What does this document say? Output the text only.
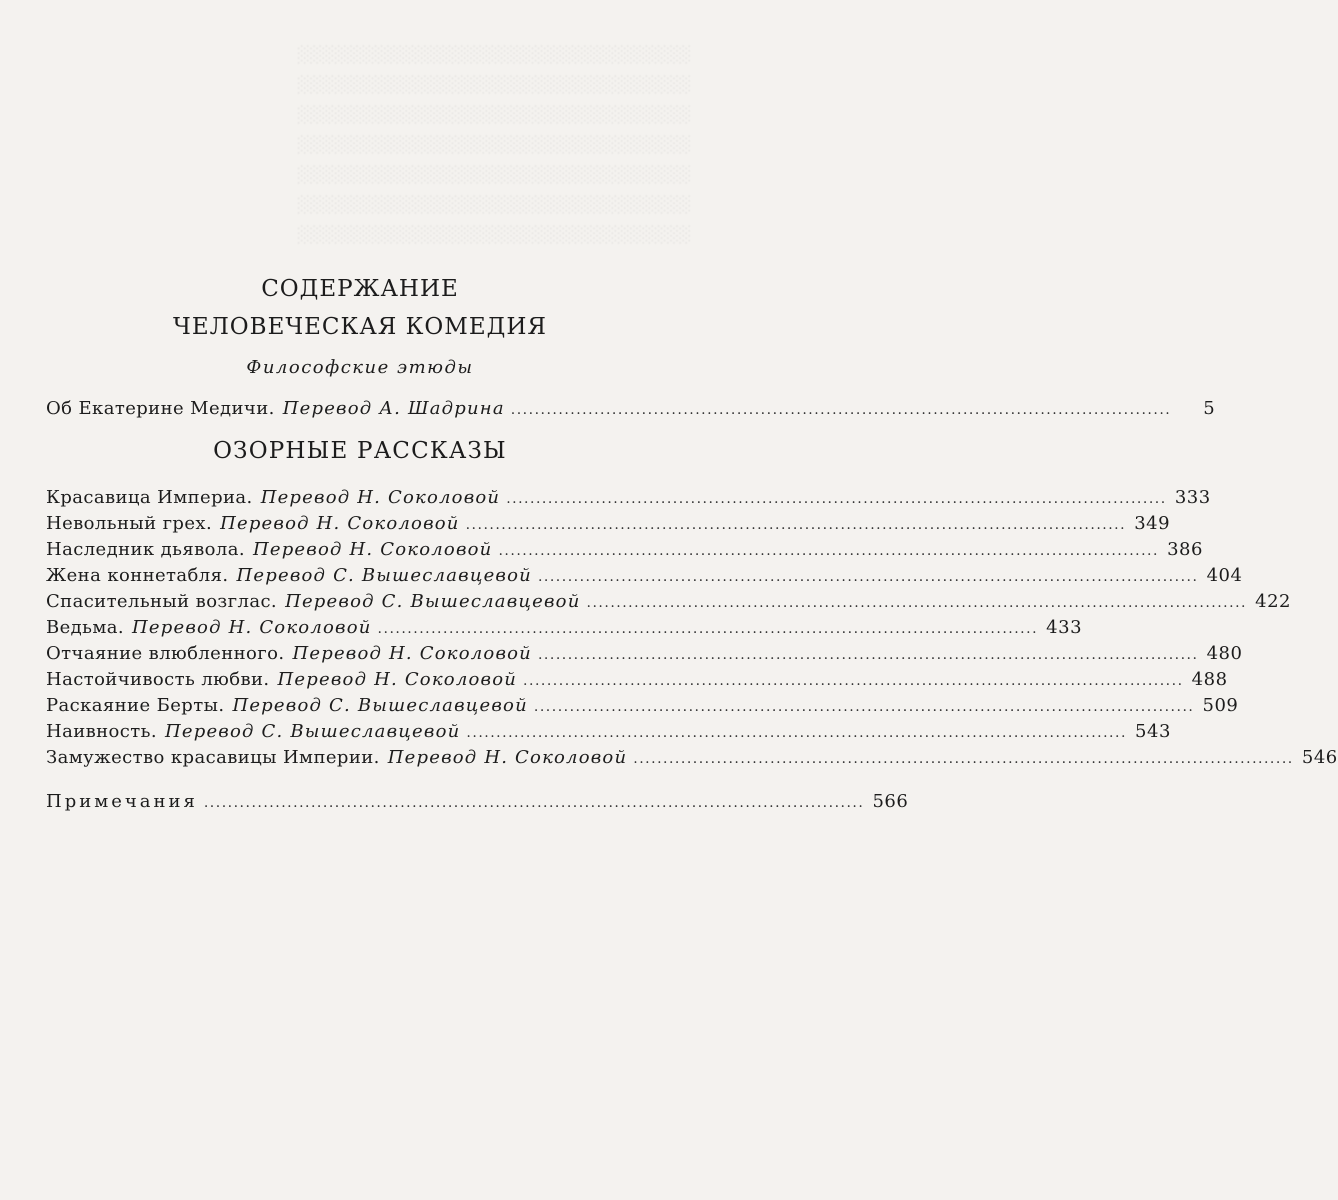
░░░░░░░░░░░░░░░░░░░░░░░░░░░░░░░░
░░░░░░░░░░░░░░░░░░░░░░░░░░░░░░░░
░░░░░░░░░░░░░░░░░░░░░░░░░░░░░░░░
░░░░░░░░░░░░░░░░░░░░░░░░░░░░░░░░
░░░░░░░░░░░░░░░░░░░░░░░░░░░░░░░░
░░░░░░░░░░░░░░░░░░░░░░░░░░░░░░░░
░░░░░░░░░░░░░░░░░░░░░░░░░░░░░░░░
СОДЕРЖАНИЕ
ЧЕЛОВЕЧЕСКАЯ КОМЕДИЯ
Философские этюды
Об Екатерине Медичи. Перевод А. Шадрина ...............................................................................................................	5
ОЗОРНЫЕ РАССКАЗЫ
Красавица Империа. Перевод Н. Соколовой ............................................................................................................... 333
Невольный грех. Перевод Н. Соколовой ............................................................................................................... 349
Наследник дьявола. Перевод Н. Соколовой ............................................................................................................... 386
Жена коннетабля. Перевод С. Вышеславцевой ............................................................................................................... 404
Спасительный возглас. Перевод С. Вышеславцевой ............................................................................................................... 422
Ведьма. Перевод Н. Соколовой ............................................................................................................... 433
Отчаяние влюбленного. Перевод Н. Соколовой ............................................................................................................... 480
Настойчивость любви. Перевод Н. Соколовой ............................................................................................................... 488
Раскаяние Берты. Перевод С. Вышеславцевой ............................................................................................................... 509
Наивность. Перевод С. Вышеславцевой ............................................................................................................... 543
Замужество красавицы Империи. Перевод Н. Соколовой ............................................................................................................... 546
Примечания ............................................................................................................... 566
